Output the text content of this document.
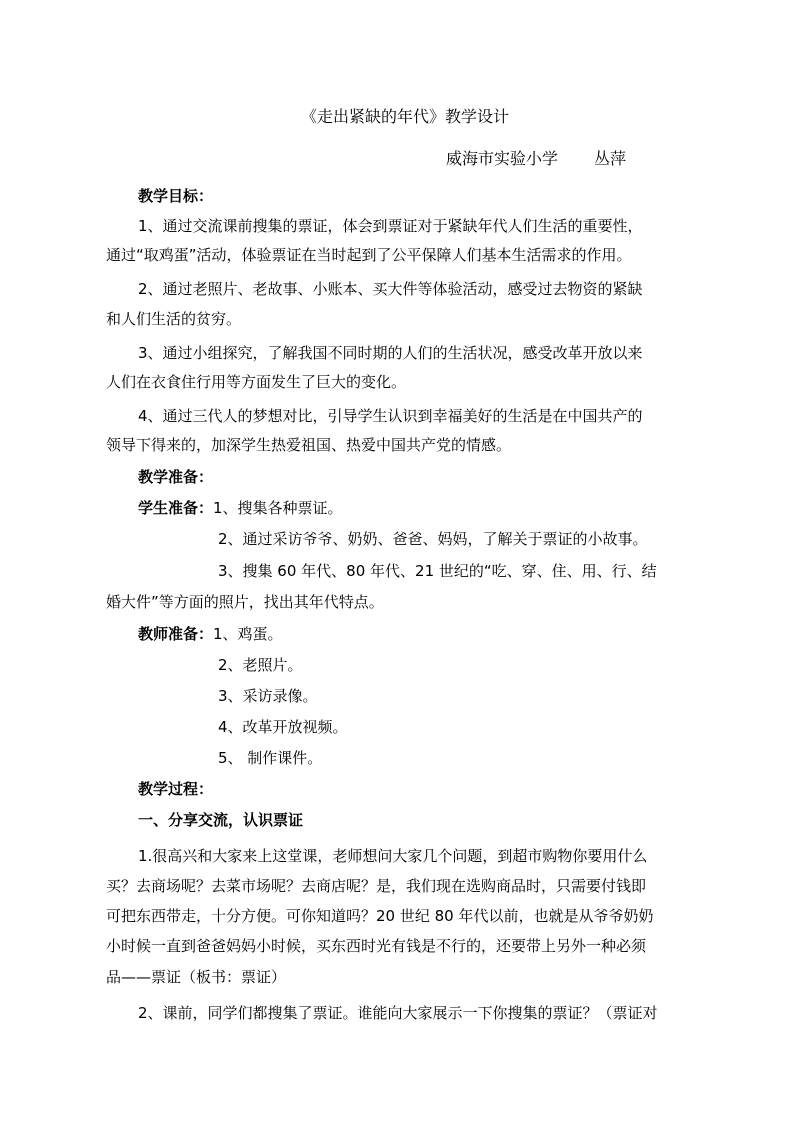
《走出紧缺的年代》教学设计
威海市实验小学 丛萍
教学目标：
1、通过交流课前搜集的票证，体会到票证对于紧缺年代人们生活的重要性，
通过“取鸡蛋”活动，体验票证在当时起到了公平保障人们基本生活需求的作用。
2、通过老照片、老故事、小账本、买大件等体验活动，感受过去物资的紧缺
和人们生活的贫穷。
3、通过小组探究，了解我国不同时期的人们的生活状况，感受改革开放以来
人们在衣食住行用等方面发生了巨大的变化。
4、通过三代人的梦想对比，引导学生认识到幸福美好的生活是在中国共产的
领导下得来的，加深学生热爱祖国、热爱中国共产党的情感。
教学准备：
学生准备：1、搜集各种票证。
2、通过采访爷爷、奶奶、爸爸、妈妈，了解关于票证的小故事。
3、搜集 60 年代、80 年代、21 世纪的“吃、穿、住、用、行、结
婚大件”等方面的照片，找出其年代特点。
教师准备：1、鸡蛋。
2、老照片。
3、采访录像。
4、改革开放视频。
5、 制作课件。
教学过程：
一、分享交流，认识票证
1.很高兴和大家来上这堂课，老师想问大家几个问题，到超市购物你要用什么
买？去商场呢？去菜市场呢？去商店呢？是，我们现在选购商品时，只需要付钱即
可把东西带走，十分方便。可你知道吗？20 世纪 80 年代以前，也就是从爷爷奶奶
小时候一直到爸爸妈妈小时候，买东西时光有钱是不行的，还要带上另外一种必须
品——票证（板书：票证）
2、课前，同学们都搜集了票证。谁能向大家展示一下你搜集的票证？（票证对
